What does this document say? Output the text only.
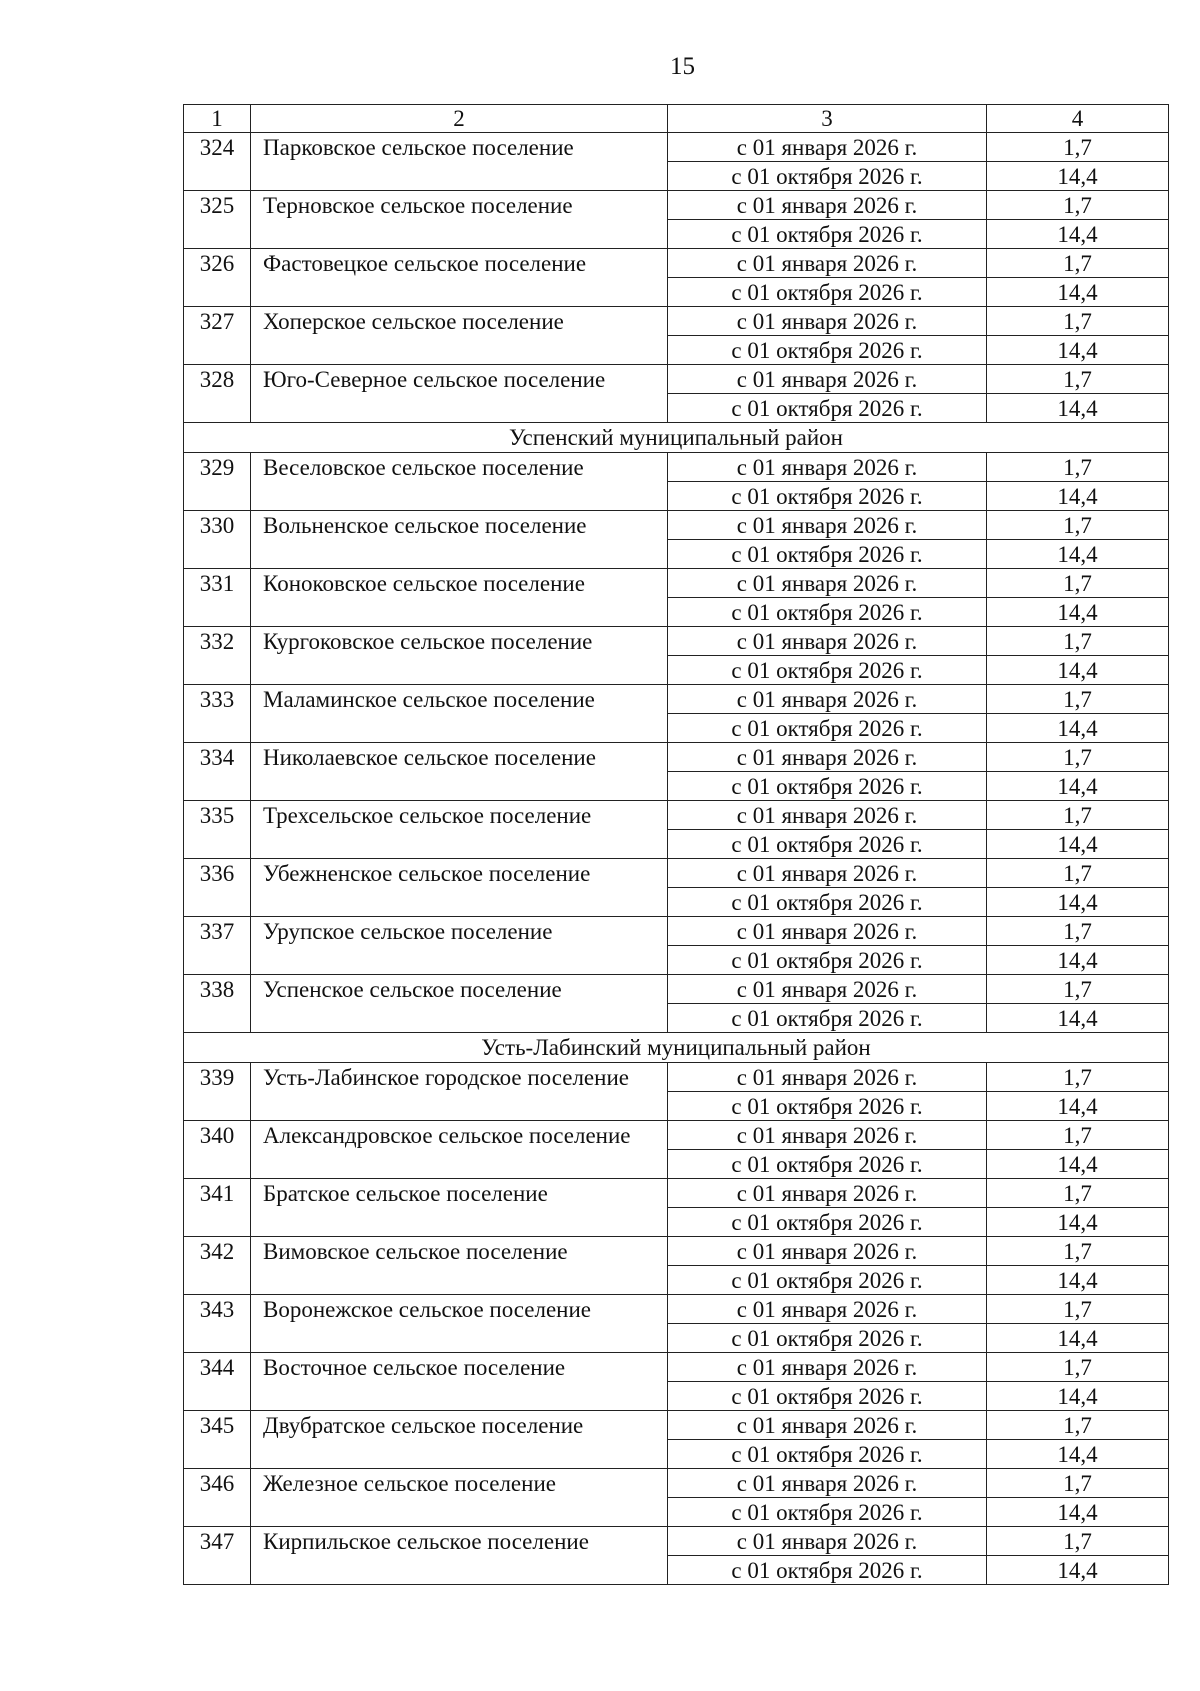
15
1	2	3	4
324	Парковское сельское поселение	с 01 января 2026 г.	1,7
		с 01 октября 2026 г.	14,4
325	Терновское сельское поселение	с 01 января 2026 г.	1,7
		с 01 октября 2026 г.	14,4
326	Фастовецкое сельское поселение	с 01 января 2026 г.	1,7
		с 01 октября 2026 г.	14,4
327	Хоперское сельское поселение	с 01 января 2026 г.	1,7
		с 01 октября 2026 г.	14,4
328	Юго-Северное сельское поселение	с 01 января 2026 г.	1,7
		с 01 октября 2026 г.	14,4
Успенский муниципальный район			
329	Веселовское сельское поселение	с 01 января 2026 г.	1,7
		с 01 октября 2026 г.	14,4
330	Вольненское сельское поселение	с 01 января 2026 г.	1,7
		с 01 октября 2026 г.	14,4
331	Коноковское сельское поселение	с 01 января 2026 г.	1,7
		с 01 октября 2026 г.	14,4
332	Кургоковское сельское поселение	с 01 января 2026 г.	1,7
		с 01 октября 2026 г.	14,4
333	Маламинское сельское поселение	с 01 января 2026 г.	1,7
		с 01 октября 2026 г.	14,4
334	Николаевское сельское поселение	с 01 января 2026 г.	1,7
		с 01 октября 2026 г.	14,4
335	Трехсельское сельское поселение	с 01 января 2026 г.	1,7
		с 01 октября 2026 г.	14,4
336	Убежненское сельское поселение	с 01 января 2026 г.	1,7
		с 01 октября 2026 г.	14,4
337	Урупское сельское поселение	с 01 января 2026 г.	1,7
		с 01 октября 2026 г.	14,4
338	Успенское сельское поселение	с 01 января 2026 г.	1,7
		с 01 октября 2026 г.	14,4
Усть-Лабинский муниципальный район			
339	Усть-Лабинское городское поселение	с 01 января 2026 г.	1,7
		с 01 октября 2026 г.	14,4
340	Александровское сельское поселение	с 01 января 2026 г.	1,7
		с 01 октября 2026 г.	14,4
341	Братское сельское поселение	с 01 января 2026 г.	1,7
		с 01 октября 2026 г.	14,4
342	Вимовское сельское поселение	с 01 января 2026 г.	1,7
		с 01 октября 2026 г.	14,4
343	Воронежское сельское поселение	с 01 января 2026 г.	1,7
		с 01 октября 2026 г.	14,4
344	Восточное сельское поселение	с 01 января 2026 г.	1,7
		с 01 октября 2026 г.	14,4
345	Двубратское сельское поселение	с 01 января 2026 г.	1,7
		с 01 октября 2026 г.	14,4
346	Железное сельское поселение	с 01 января 2026 г.	1,7
		с 01 октября 2026 г.	14,4
347	Кирпильское сельское поселение	с 01 января 2026 г.	1,7
		с 01 октября 2026 г.	14,4
